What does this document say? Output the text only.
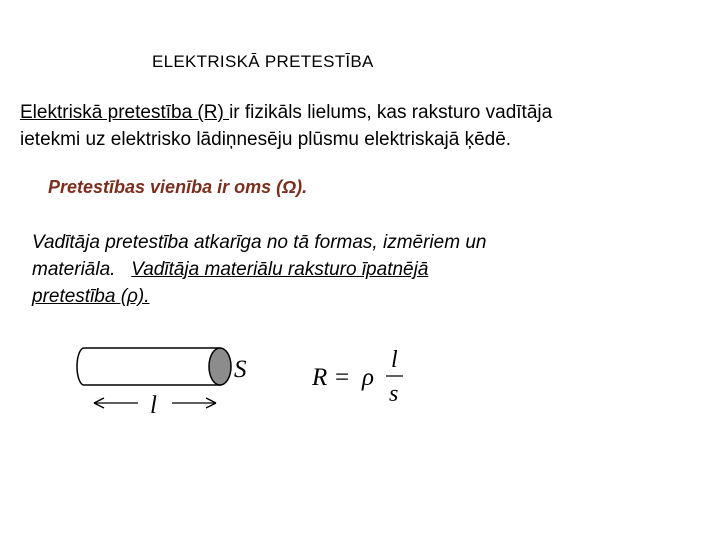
ELEKTRISKĀ PRETESTĪBA
Elektriskā pretestība (R) ir fizikāls lielums, kas raksturo vadītāja
ietekmi uz elektrisko lādiņnesēju plūsmu elektriskajā ķēdē.
Pretestības vienība ir oms (Ω).
Vadītāja pretestība atkarīga no tā formas, izmēriem un
materiāla.   Vadītāja materiālu raksturo īpatnējā
pretestība (ρ).
S
l
R = ρ
l
s
